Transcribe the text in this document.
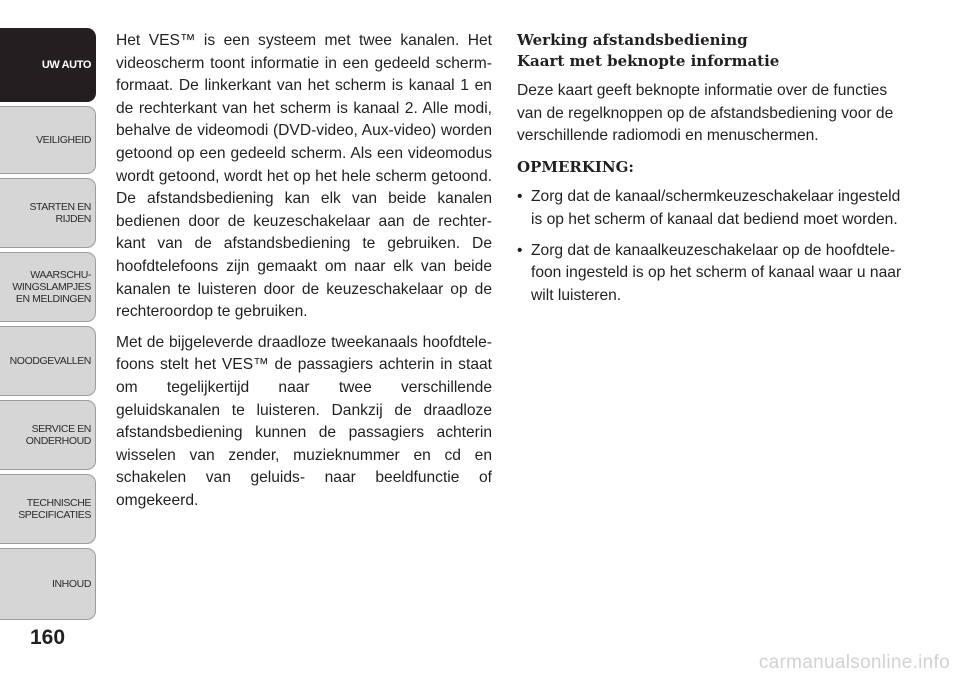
UW AUTO
VEILIGHEID
STARTEN EN
RIJDEN
WAARSCHU-
WINGSLAMPJES
EN MELDINGEN
NOODGEVALLEN
SERVICE EN
ONDERHOUD
TECHNISCHE
SPECIFICATIES
INHOUD
160

Het VES™ is een systeem met twee kanalen. Het videoscherm toont informatie in een gedeeld schermformaat. De linkerkant van het scherm is kanaal 1 en de rechterkant van het scherm is kanaal 2. Alle modi, behalve de videomodi (DVD-video, Aux-video) worden getoond op een gedeeld scherm. Als een videomodus wordt getoond, wordt het op het hele scherm getoond. De afstandsbediening kan elk van beide kanalen bedienen door de keuzeschakelaar aan de rechterkant van de afstandsbediening te gebruiken. De hoofdtelefoons zijn gemaakt om naar elk van beide kanalen te luisteren door de keuzeschakelaar op de rechteroordop te gebruiken.

Met de bijgeleverde draadloze tweekanaals hoofdtelefoons stelt het VES™ de passagiers achterin in staat om tegelijkertijd naar twee verschillende geluidskanalen te luisteren. Dankzij de draadloze afstandsbediening kunnen de passagiers achterin wisselen van zender, muzieknummer en cd en schakelen van geluids- naar beeldfunctie of omgekeerd.

Werking afstandsbediening
Kaart met beknopte informatie

Deze kaart geeft beknopte informatie over de functies van de regelknoppen op de afstandsbediening voor de verschillende radiomodi en menuschermen.

OPMERKING:
• Zorg dat de kanaal/schermkeuzeschakelaar ingesteld is op het scherm of kanaal dat bediend moet worden.
• Zorg dat de kanaalkeuzeschakelaar op de hoofdtelefoon ingesteld is op het scherm of kanaal waar u naar wilt luisteren.
carmanualsonline.info
